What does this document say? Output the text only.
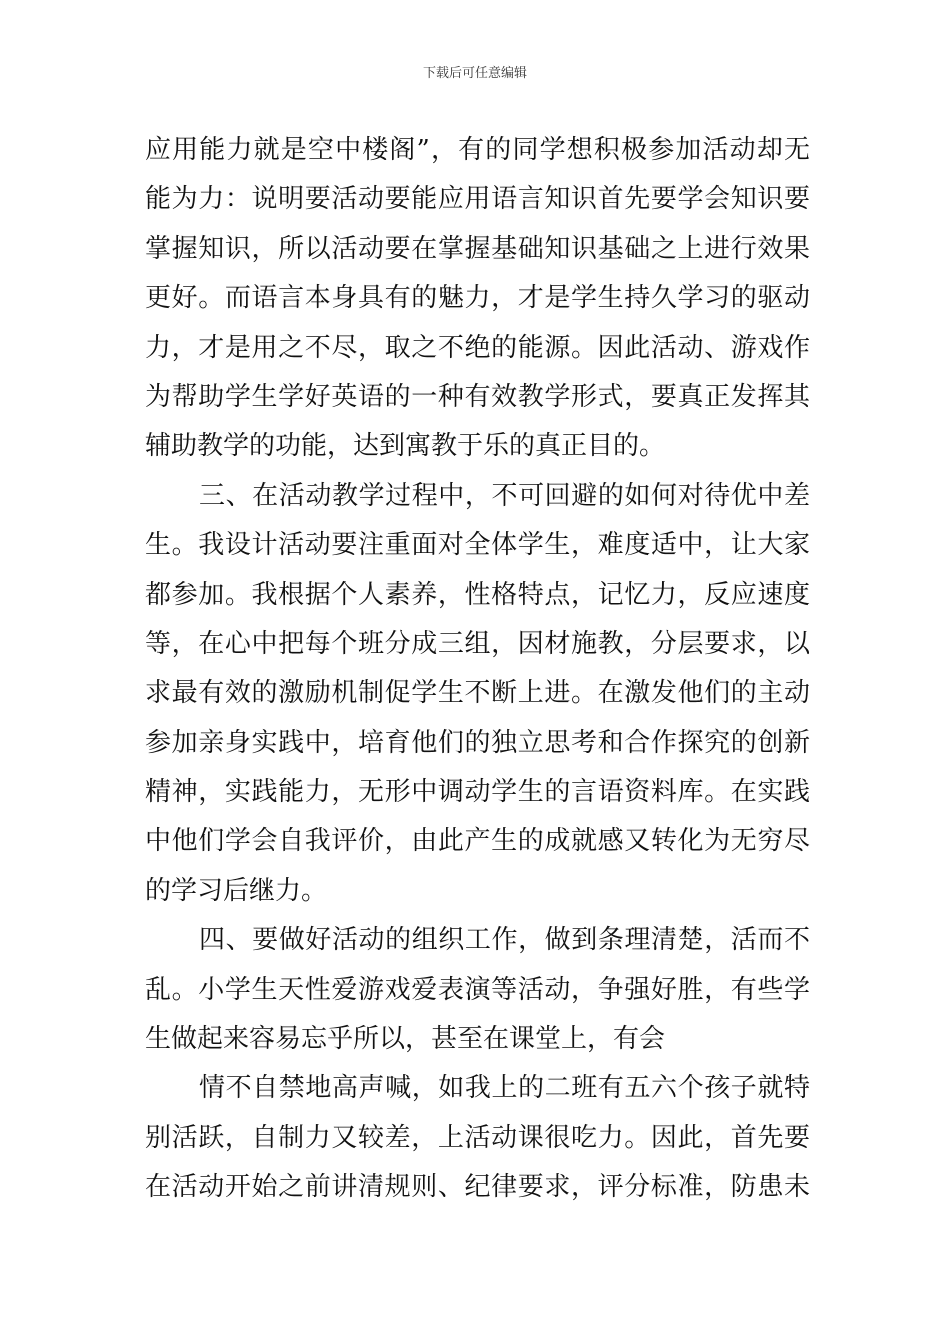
下载后可任意编辑
应用能力就是空中楼阁”，有的同学想积极参加活动却无
能为力：说明要活动要能应用语言知识首先要学会知识要
掌握知识，所以活动要在掌握基础知识基础之上进行效果
更好。而语言本身具有的魅力，才是学生持久学习的驱动
力，才是用之不尽，取之不绝的能源。因此活动、游戏作
为帮助学生学好英语的一种有效教学形式，要真正发挥其
辅助教学的功能，达到寓教于乐的真正目的。
三、在活动教学过程中，不可回避的如何对待优中差
生。我设计活动要注重面对全体学生，难度适中，让大家
都参加。我根据个人素养，性格特点，记忆力，反应速度
等，在心中把每个班分成三组，因材施教，分层要求，以
求最有效的激励机制促学生不断上进。在激发他们的主动
参加亲身实践中，培育他们的独立思考和合作探究的创新
精神，实践能力，无形中调动学生的言语资料库。在实践
中他们学会自我评价，由此产生的成就感又转化为无穷尽
的学习后继力。
四、要做好活动的组织工作，做到条理清楚，活而不
乱。小学生天性爱游戏爱表演等活动，争强好胜，有些学
生做起来容易忘乎所以，甚至在课堂上，有会
情不自禁地高声喊，如我上的二班有五六个孩子就特
别活跃，自制力又较差，上活动课很吃力。因此，首先要
在活动开始之前讲清规则、纪律要求，评分标准，防患未
